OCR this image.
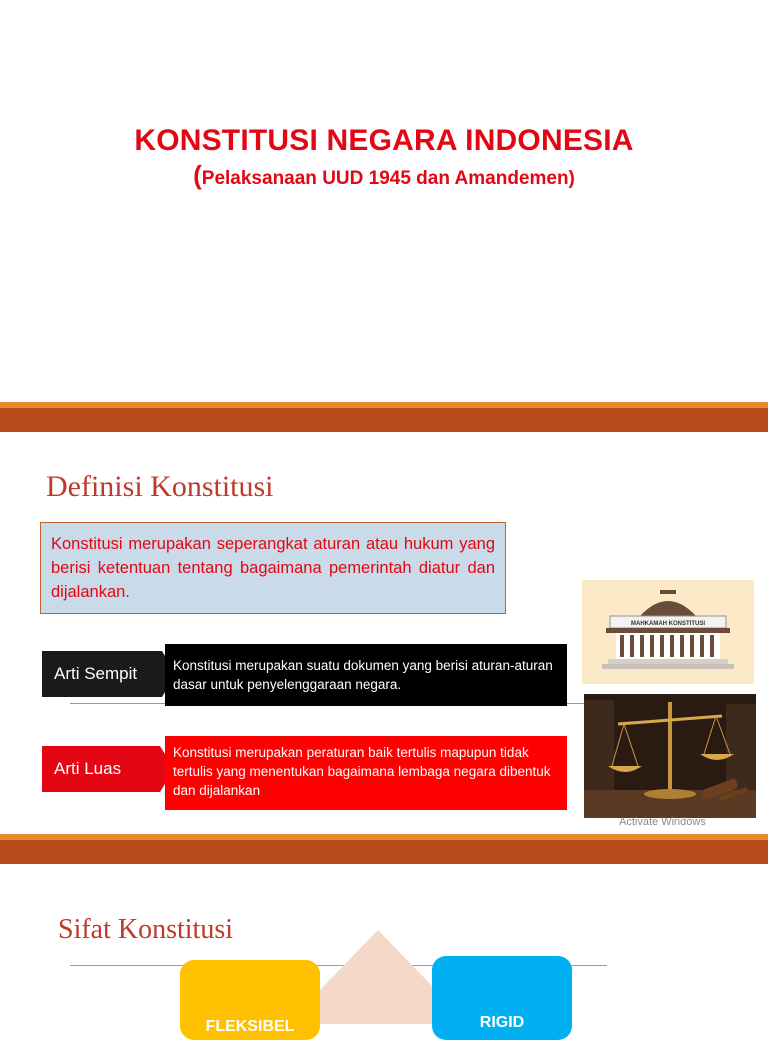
KONSTITUSI NEGARA INDONESIA
(Pelaksanaan UUD 1945 dan Amandemen)
Definisi Konstitusi
Konstitusi merupakan seperangkat aturan atau hukum yang berisi ketentuan tentang bagaimana pemerintah diatur dan dijalankan.
Arti Sempit	Konstitusi merupakan suatu dokumen yang berisi aturan-aturan dasar untuk penyelenggaraan negara.
Arti Luas
Konstitusi merupakan peraturan baik tertulis mapupun tidak tertulis yang menentukan bagaimana lembaga negara dibentuk dan dijalankan
MAHKAMAH KONSTITUSI
Activate Windows
Sifat Konstitusi
FLEKSIBEL	RIGID
